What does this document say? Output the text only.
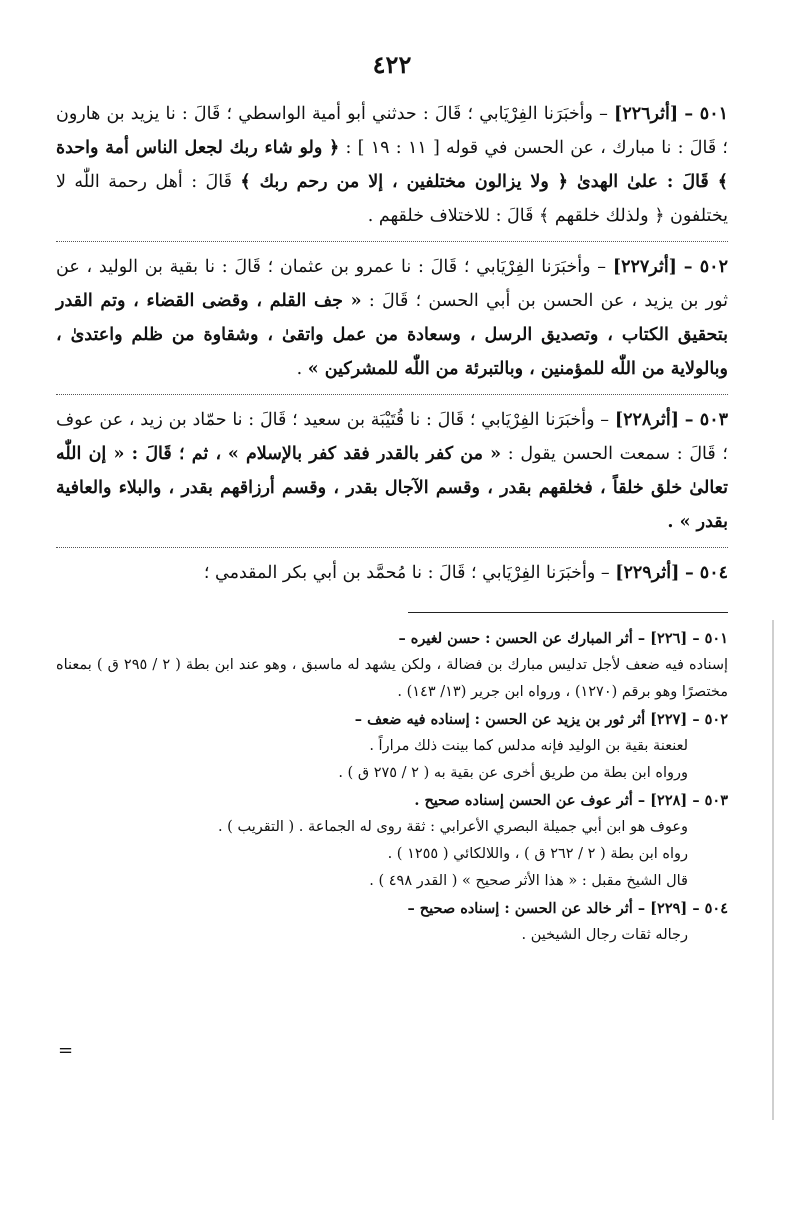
٤٢٢

٥٠١ – [أثر٢٢٦] – وأخبَرَنا الفِرْيَابي ؛ قَالَ : حدثني أبو أمية الواسطي ؛ قَالَ : نا يزيد بن هارون ؛ قَالَ : نا مبارك ، عن الحسن في قوله [ ١١ : ١٩ ] : ﴿ ولو شاء ربك لجعل الناس أمة واحدة ﴾ قَالَ : علىٰ الهدىٰ ﴿ ولا يزالون مختلفين ، إلا من رحم ربك ﴾ قَالَ : أهل رحمة اللّٰه لا يختلفون ﴿ ولذلك خلقهم ﴾ قَالَ : للاختلاف خلقهم .

٥٠٢ – [أثر٢٢٧] – وأخبَرَنا الفِرْيَابي ؛ قَالَ : نا عمرو بن عثمان ؛ قَالَ : نا بقية بن الوليد ، عن ثور بن يزيد ، عن الحسن بن أبي الحسن ؛ قَالَ : « جف القلم ، وقضى القضاء ، وتم القدر بتحقيق الكتاب ، وتصديق الرسل ، وسعادة من عمل واتقىٰ ، وشقاوة من ظلم واعتدىٰ ، وبالولاية من اللّٰه للمؤمنين ، وبالتبرئة من اللّٰه للمشركين » .

٥٠٣ – [أثر٢٢٨] – وأخبَرَنا الفِرْيَابي ؛ قَالَ : نا قُتَيْبَة بن سعيد ؛ قَالَ : نا حمّاد بن زيد ، عن عوف ؛ قَالَ : سمعت الحسن يقول : « من كفر بالقدر فقد كفر بالإسلام » ، ثم ؛ قَالَ : « إن اللّٰه تعالىٰ خلق خلقاً ، فخلقهم بقدر ، وقسم الآجال بقدر ، وقسم أرزاقهم بقدر ، والبلاء والعافية بقدر » .

٥٠٤ – [أثر٢٢٩] – وأخبَرَنا الفِرْيَابي ؛ قَالَ : نا مُحمَّد بن أبي بكر المقدمي ؛

٥٠١ – [٢٢٦] – أثر المبارك عن الحسن : حسن لغيره –

إسناده فيه ضعف لأجل تدليس مبارك بن فضالة ، ولكن يشهد له ماسبق ، وهو عند ابن بطة ( ٢ / ٢٩٥ ق ) بمعناه مختصرًا وهو برقم (١٢٧٠) ، ورواه ابن جرير (١٣/ ١٤٣) .

٥٠٢ – [٢٢٧] أثر ثور بن يزيد عن الحسن : إسناده فيه ضعف –

لعنعنة بقية بن الوليد فإنه مدلس كما بينت ذلك مراراً .

ورواه ابن بطة من طريق أخرى عن بقية به ( ٢ / ٢٧٥ ق ) .

٥٠٣ – [٢٢٨] – أثر عوف عن الحسن إسناده صحيح .

وعوف هو ابن أبي جميلة البصري الأعرابي : ثقة روى له الجماعة . ( التقريب ) .

رواه ابن بطة ( ٢ / ٢٦٢ ق ) ، واللالكائي ( ١٢٥٥ ) .

قال الشيخ مقبل : « هذا الأثر صحيح » ( القدر ٤٩٨ ) .

٥٠٤ – [٢٢٩] – أثر خالد عن الحسن : إسناده صحيح –

رجاله ثقات رجال الشيخين .

=
